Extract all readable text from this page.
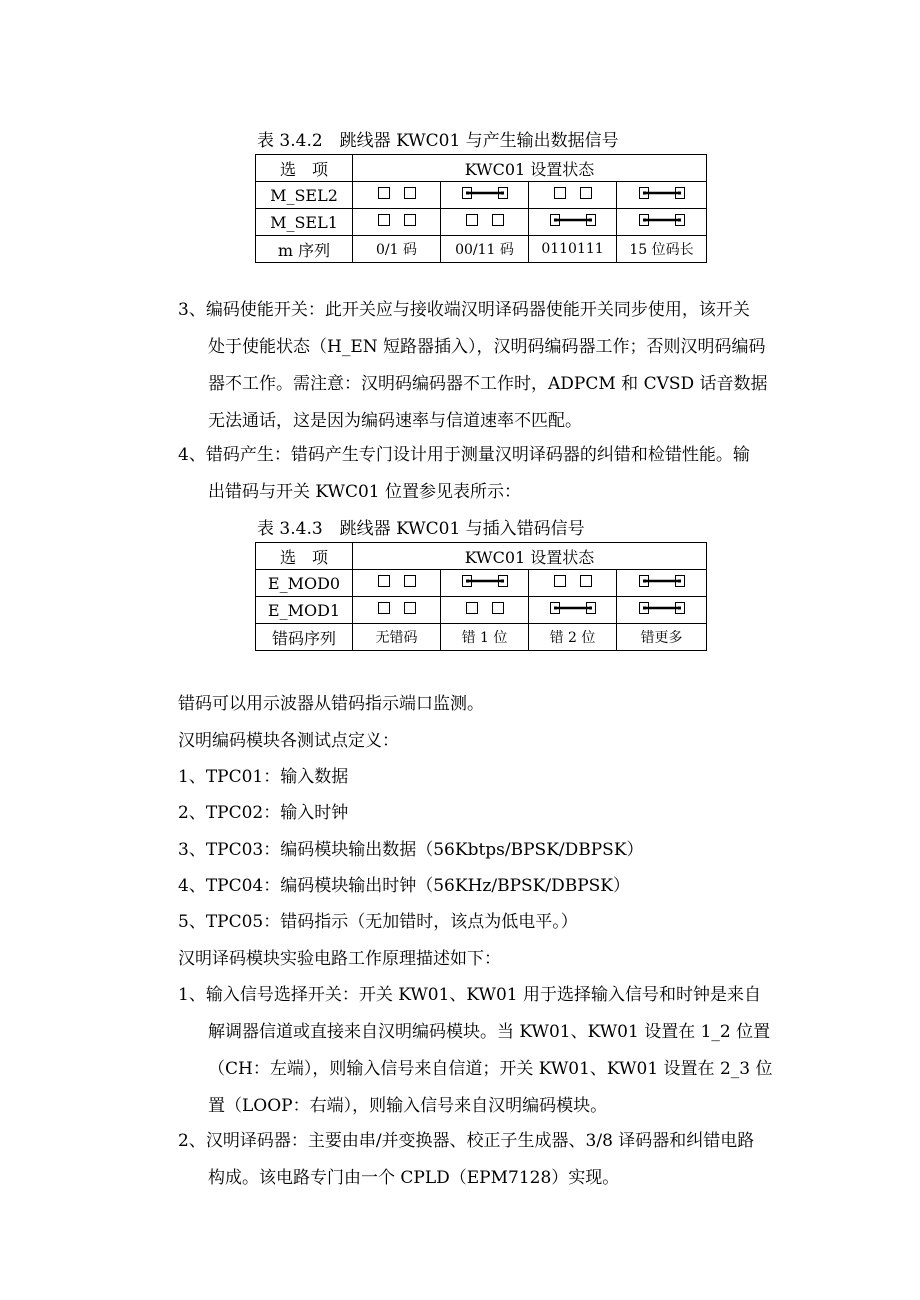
表 3.4.2　跳线器 KWC01 与产生输出数据信号
选　项	KWC01 设置状态			
M_SEL2				
M_SEL1				
m 序列	0/1 码	00/11 码	0110111	15 位码长
3、编码使能开关：此开关应与接收端汉明译码器使能开关同步使用，该开关
处于使能状态（H_EN 短路器插入），汉明码编码器工作；否则汉明码编码
器不工作。需注意：汉明码编码器不工作时，ADPCM 和 CVSD 话音数据
无法通话，这是因为编码速率与信道速率不匹配。
4、错码产生：错码产生专门设计用于测量汉明译码器的纠错和检错性能。输
出错码与开关 KWC01 位置参见表所示：
表 3.4.3　跳线器 KWC01 与插入错码信号
选　项	KWC01 设置状态			
E_MOD0				
E_MOD1				
错码序列	无错码	错 1 位	错 2 位	错更多
错码可以用示波器从错码指示端口监测。
汉明编码模块各测试点定义：
1、TPC01：输入数据
2、TPC02：输入时钟
3、TPC03：编码模块输出数据（56Kbtps/BPSK/DBPSK）
4、TPC04：编码模块输出时钟（56KHz/BPSK/DBPSK）
5、TPC05：错码指示（无加错时，该点为低电平。）
汉明译码模块实验电路工作原理描述如下：
1、输入信号选择开关：开关 KW01、KW01 用于选择输入信号和时钟是来自
解调器信道或直接来自汉明编码模块。当 KW01、KW01 设置在 1_2 位置
（CH：左端），则输入信号来自信道；开关 KW01、KW01 设置在 2_3 位
置（LOOP：右端），则输入信号来自汉明编码模块。
2、汉明译码器：主要由串/并变换器、校正子生成器、3/8 译码器和纠错电路
构成。该电路专门由一个 CPLD（EPM7128）实现。
